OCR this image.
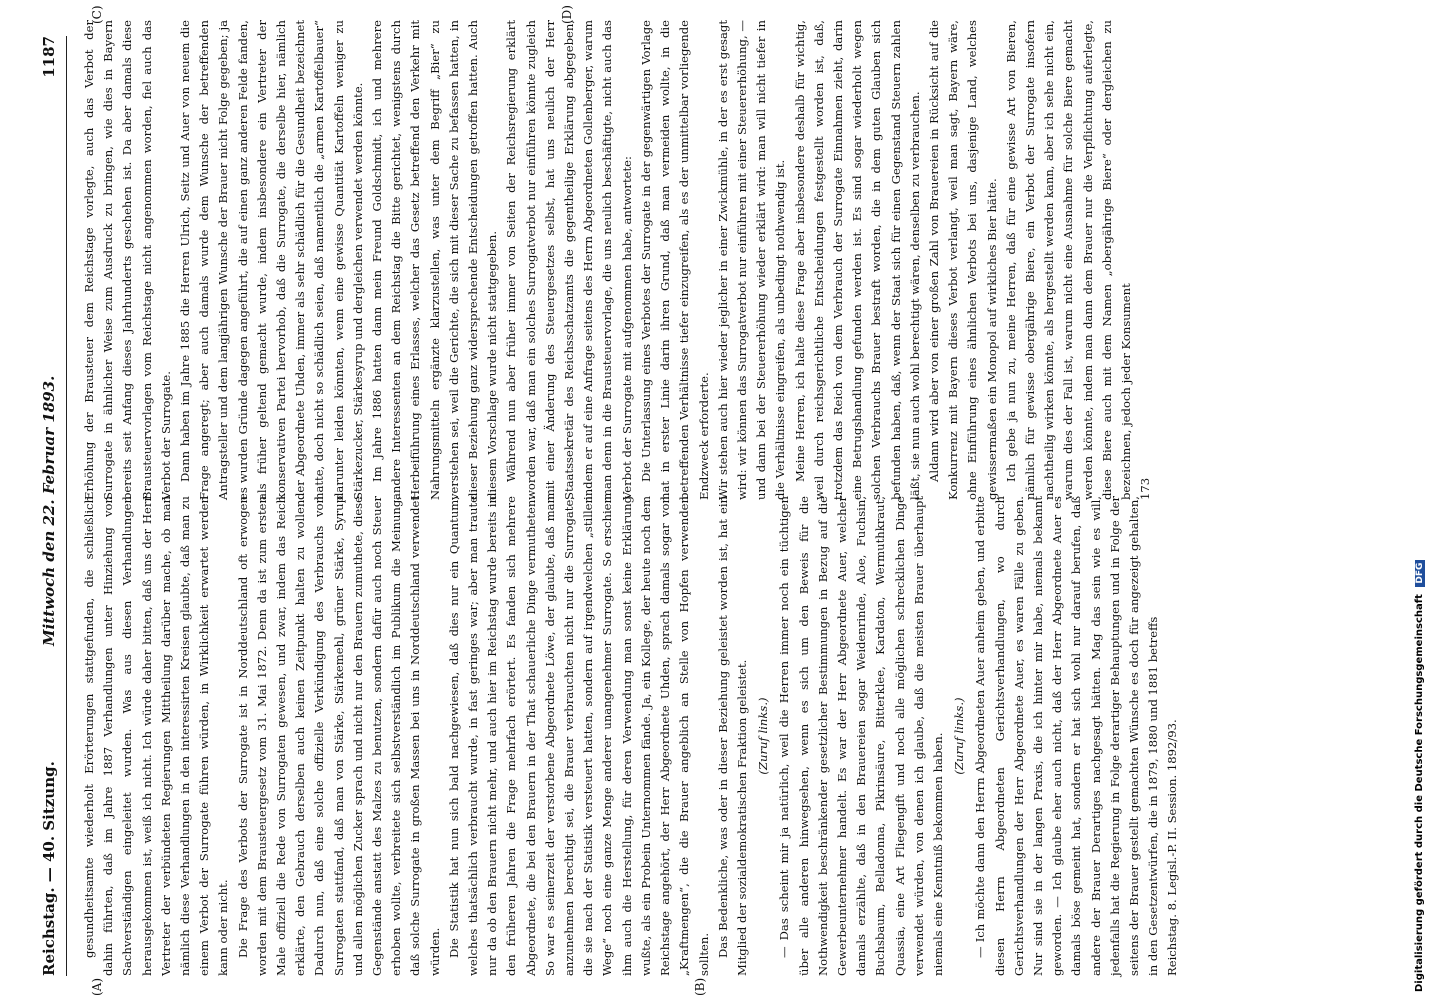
Reichstag. — 40. Sitzung.
Mittwoch den 22. Februar 1893.
1187
(A)	(B)
(C)	(D)

gesundheitsamte wiederholt Erörterungen stattgefunden, die schließlich dahin führten, daß im Jahre 1887 Verhandlungen unter Hinziehung von Sachverständigen eingeleitet wurden. Was aus diesen Verhandlungen herausgekommen ist, weiß ich nicht. Ich würde daher bitten, daß uns der Herr Vertreter der verbündeten Regierungen Mittheilung darüber mache, ob man nämlich diese Verhandlungen in den interessirten Kreisen glaubte, daß man zu einem Verbot der Surrogate führen würden, in Wirklichkeit erwartet werden kann oder nicht. Die Frage des Verbots der Surrogate ist in Norddeutschland oft erwogen worden mit dem Brausteuergesetz vom 31. Mai 1872. Denn da ist zum ersten Male offiziell die Rede von Surrogaten gewesen, und zwar, indem das Reich erklärte, den Gebrauch derselben auch keinen Zeitpunkt halten zu wollen. Dadurch nun, daß eine solche offizielle Verkündigung des Verbrauchs von Surrogaten stattfand, daß man von Stärke, Stärkemehl, grüner Stärke, Syrup und allen möglichen Zucker sprach und nicht nur den Brauern zumuthete, diese Gegenstände anstatt des Malzes zu benutzen, sondern dafür auch noch Steuer erhoben wollte, verbreitete sich selbstverständlich im Publikum die Meinung, daß solche Surrogate in großen Massen bei uns in Norddeutschland verwendet würden. Die Statistik hat nun sich bald nachgewiesen, daß dies nur ein Quantum, welches thatsächlich verbraucht wurde, in fast geringes war; aber man traute nur da ob den Brauern nicht mehr, und auch hier im Reichstag wurde bereits in den früheren Jahren die Frage mehrfach erörtert. Es fanden sich mehrere Abgeordnete, die bei den Brauern in der That schauerliche Dinge vermutheten. So war es seinerzeit der verstorbene Abgeordnete Löwe, der glaubte, daß man anzunehmen berechtigt sei, die Brauer verbrauchten nicht nur die Surrogate, die sie nach der Statistik versteuert hatten, sondern auf irgendwelchen „stillen Wege“ noch eine ganze Menge anderer unangenehmer Surrogate. So erschien ihm auch die Herstellung, für deren Verwendung man sonst keine Erklärung wußte, als ein Probein Unternommen fände. Ja, ein Kollege, der heute noch dem Reichstage angehört, der Herr Abgeordnete Uhden, sprach damals sogar von „Kraftmengen“, die die Brauer angeblich an Stelle von Hopfen verwenden sollten. Das Bedenkliche, was oder in dieser Beziehung geleistet worden ist, hat ein Mitglied der sozialdemokratischen Fraktion geleistet. (Zuruf links.) — Das scheint mir ja natürlich, weil die Herren immer noch ein tüchtigen über alle anderen hinwegsehen, wenn es sich um den Beweis für die Nothwendigkeit beschränkender gesetzlicher Bestimmungen in Bezug auf die Gewerbeunternehmer handelt. Es war der Herr Abgeordnete Auer, welcher damals erzählte, daß in den Brauereien sogar Weidenrinde, Aloe, Fuchsin, Buchsbaum, Belladonna, Pikrinsäure, Bitterklee, Kardaton, Wermuthkraut, Quassia, eine Art Fliegengift und noch alle möglichen schrecklichen Dinge verwendet würden, von denen ich glaube, daß die meisten Brauer überhaupt niemals eine Kenntniß bekommen haben. (Zuruf links.) — Ich möchte dann den Herrn Abgeordneten Auer anheim geben, und erbitte diesen Herrn Abgeordneten Gerichtsverhandlungen, wo durch Gerichtsverhandlungen der Herr Abgeordnete Auer, es waren Fälle zu geben. Nur sind sie in der langen Praxis, die ich hinter mir habe, niemals bekannt geworden. — Ich glaube eher auch nicht, daß der Herr Abgeordnete Auer es damals böse gemeint hat, sondern er hat sich wohl nur darauf berufen, daß andere der Brauer Derartiges nachgesagt hätten. Mag das sein wie es will, jedenfalls hat die Regierung in Folge derartiger Behauptungen und in Folge der seitens der Brauer gestellt gemachten Wünsche es doch für angezeigt gehalten, in den Gesetzentwürfen, die in 1879, 1880 und 1881 betreffs Reichstag. 8. Legisl.-P. II. Session. 1892/93.

Erhöhung der Brausteuer dem Reichstage vorlegte, auch das Verbot der Surrogate in ähnlicher Weise zum Ausdruck zu bringen, wie dies in Bayern bereits seit Anfang dieses Jahrhunderts geschehen ist. Da aber damals diese Brausteuervorlagen vom Reichstage nicht angenommen worden, fiel auch das Verbot der Surrogate. Dann haben im Jahre 1885 die Herren Ulrich, Seitz und Auer von neuem die Frage angeregt; aber auch damals wurde dem Wunsche der betreffenden Antragsteller und dem langjährigen Wunsche der Brauer nicht Folge gegeben; ja es wurden Gründe dagegen angeführt, die auf einen ganz anderen Felde fanden, als früher geltend gemacht wurde, indem insbesondere ein Vertreter der konservativen Partei hervorhob, daß die Surrogate, die derselbe hier, nämlich der Abgeordnete Uhden, immer als sehr schädlich für die Gesundheit bezeichnet hatte, doch nicht so schädlich seien, daß namentlich die „armen Kartoffelbauer“ darunter leiden könnten, wenn eine gewisse Quantität Kartoffeln weniger zu Stärkezucker, Stärkesyrup und dergleichen verwendet werden könnte. Im Jahre 1886 hatten dann mein Freund Goldschmidt, ich und mehrere andere Interessenten an dem Reichstag die Bitte gerichtet, wenigstens durch Herbeiführung eines Erlasses, welcher das Gesetz betreffend den Verkehr mit Nahrungsmitteln ergänzte klarzustellen, was unter dem Begriff „Bier“ zu verstehen sei, weil die Gerichte, die sich mit dieser Sache zu befassen hatten, in dieser Beziehung ganz widersprechende Entscheidungen getroffen hatten. Auch diesem Vorschlage wurde nicht stattgegeben. Während nun aber früher immer von Seiten der Reichsregierung erklärt worden war, daß man ein solches Surrogatverbot nur einführen könnte zugleich mit einer Änderung des Steuergesetzes selbst, hat uns neulich der Herr Staatssekretär des Reichsschatzamts die gegentheilige Erklärung abgegeben, indem er auf eine Anfrage seitens des Herrn Abgeordneten Gollenberger, warum man denn in die Brausteuervorlage, die uns neulich beschäftigte, nicht auch das Verbot der Surrogate mit aufgenommen habe, antwortete: Die Unterlassung eines Verbotes der Surrogate in der gegenwärtigen Vorlage hat in erster Linie darin ihren Grund, daß man vermeiden wollte, in die betreffenden Verhältnisse tiefer einzugreifen, als es der unmittelbar vorliegende Endzweck erforderte. Wir stehen auch hier wieder jeglicher in einer Zwickmühle, in der es erst gesagt wird: wir können das Surrogatverbot nur einführen mit einer Steuererhöhung, — und dann bei der Steuererhöhung wieder erklärt wird: man will nicht tiefer in die Verhältnisse eingreifen, als unbedingt nothwendig ist. Meine Herren, ich halte diese Frage aber insbesondere deshalb für wichtig, weil durch reichsgerichtliche Entscheidungen festgestellt worden ist, daß, trotzdem das Reich von dem Verbrauch der Surrogate Einnahmen zieht, darin eine Betrugshandlung gefunden werden ist. Es sind sogar wiederholt wegen solchen Verbrauchs Brauer bestraft worden, die in dem guten Glauben sich befunden haben, daß, wenn der Staat sich für einen Gegenstand Steuern zahlen läßt, sie nun auch wohl berechtigt wären, denselben zu verbrauchen. Aldann wird aber von einer großen Zahl von Brauereien in Rücksicht auf die Konkurrenz mit Bayern dieses Verbot verlangt, weil man sagt, Bayern wäre, ohne Einführung eines ähnlichen Verbots bei uns, dasjenige Land, welches gewissermaßen ein Monopol auf wirkliches Bier hätte. Ich gebe ja nun zu, meine Herren, daß für eine gewisse Art von Bieren, nämlich für gewisse obergährige Biere, ein Verbot der Surrogate insofern nachtheilig wirken könnte, als hergestellt werden kann, aber ich sehe nicht ein, warum dies der Fall ist, warum nicht eine Ausnahme für solche Biere gemacht werden könnte, indem man dann dem Brauer nur die Verpflichtung auferlegte, diese Biere auch mit dem Namen „obergährige Biere“ oder dergleichen zu bezeichnen, jedoch jeder Konsument 173

Digitalisierung gefördert durch die Deutsche Forschungsgemeinschaft DFG
